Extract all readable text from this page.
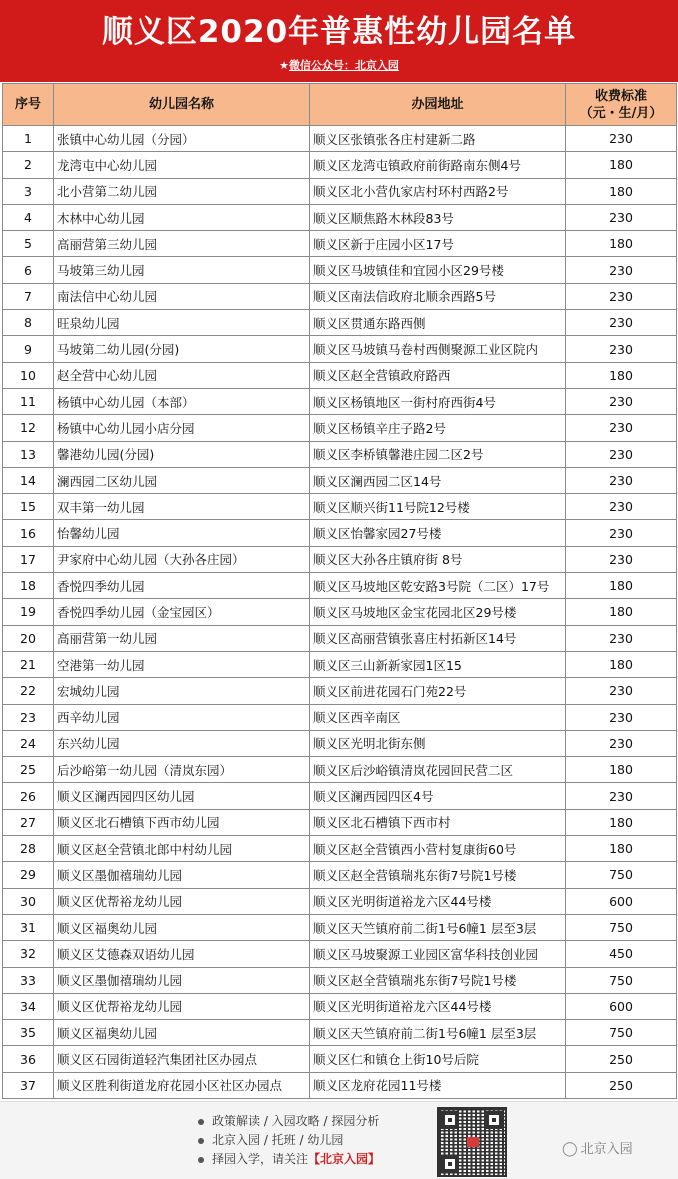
顺义区2020年普惠性幼儿园名单
★微信公众号：北京入园
序号	幼儿园名称	办园地址	收费标准
（元・生/月）
1	张镇中心幼儿园（分园）	顺义区张镇张各庄村建新二路	230
2	龙湾屯中心幼儿园	顺义区龙湾屯镇政府前街路南东侧4号	180
3	北小营第二幼儿园	顺义区北小营仇家店村环村西路2号	180
4	木林中心幼儿园	顺义区顺焦路木林段83号	230
5	高丽营第三幼儿园	顺义区新于庄园小区17号	180
6	马坡第三幼儿园	顺义区马坡镇佳和宜园小区29号楼	230
7	南法信中心幼儿园	顺义区南法信政府北顺余西路5号	230
8	旺泉幼儿园	顺义区贯通东路西侧	230
9	马坡第二幼儿园(分园)	顺义区马坡镇马卷村西侧聚源工业区院内	230
10	赵全营中心幼儿园	顺义区赵全营镇政府路西	180
11	杨镇中心幼儿园（本部）	顺义区杨镇地区一街村府西街4号	230
12	杨镇中心幼儿园小店分园	顺义区杨镇辛庄子路2号	230
13	馨港幼儿园(分园)	顺义区李桥镇馨港庄园二区2号	230
14	澜西园二区幼儿园	顺义区澜西园二区14号	230
15	双丰第一幼儿园	顺义区顺兴街11号院12号楼	230
16	怡馨幼儿园	顺义区怡馨家园27号楼	230
17	尹家府中心幼儿园（大孙各庄园）	顺义区大孙各庄镇府街 8号	230
18	香悦四季幼儿园	顺义区马坡地区乾安路3号院（二区）17号	180
19	香悦四季幼儿园（金宝园区）	顺义区马坡地区金宝花园北区29号楼	180
20	高丽营第一幼儿园	顺义区高丽营镇张喜庄村拓新区14号	230
21	空港第一幼儿园	顺义区三山新新家园1区15	180
22	宏城幼儿园	顺义区前进花园石门苑22号	230
23	西辛幼儿园	顺义区西辛南区	230
24	东兴幼儿园	顺义区光明北街东侧	230
25	后沙峪第一幼儿园（清岚东园）	顺义区后沙峪镇清岚花园回民营二区	180
26	顺义区澜西园四区幼儿园	顺义区澜西园四区4号	230
27	顺义区北石槽镇下西市幼儿园	顺义区北石槽镇下西市村	180
28	顺义区赵全营镇北郎中村幼儿园	顺义区赵全营镇西小营村复康街60号	180
29	顺义区墨伽禧瑞幼儿园	顺义区赵全营镇瑞兆东街7号院1号楼	750
30	顺义区优帮裕龙幼儿园	顺义区光明街道裕龙六区44号楼	600
31	顺义区福奥幼儿园	顺义区天竺镇府前二街1号6幢1 层至3层	750
32	顺义区艾德森双语幼儿园	顺义区马坡聚源工业园区富华科技创业园	450
33	顺义区墨伽禧瑞幼儿园	顺义区赵全营镇瑞兆东街7号院1号楼	750
34	顺义区优帮裕龙幼儿园	顺义区光明街道裕龙六区44号楼	600
35	顺义区福奥幼儿园	顺义区天竺镇府前二街1号6幢1 层至3层	750
36	顺义区石园街道轻汽集团社区办园点	顺义区仁和镇仓上街10号后院	250
37	顺义区胜利街道龙府花园小区社区办园点	顺义区龙府花园11号楼	250
政策解读 / 入园攻略 / 探园分析
北京入园 / 托班 / 幼儿园
择园入学，请关注【北京入园】
◯ 北京入园
